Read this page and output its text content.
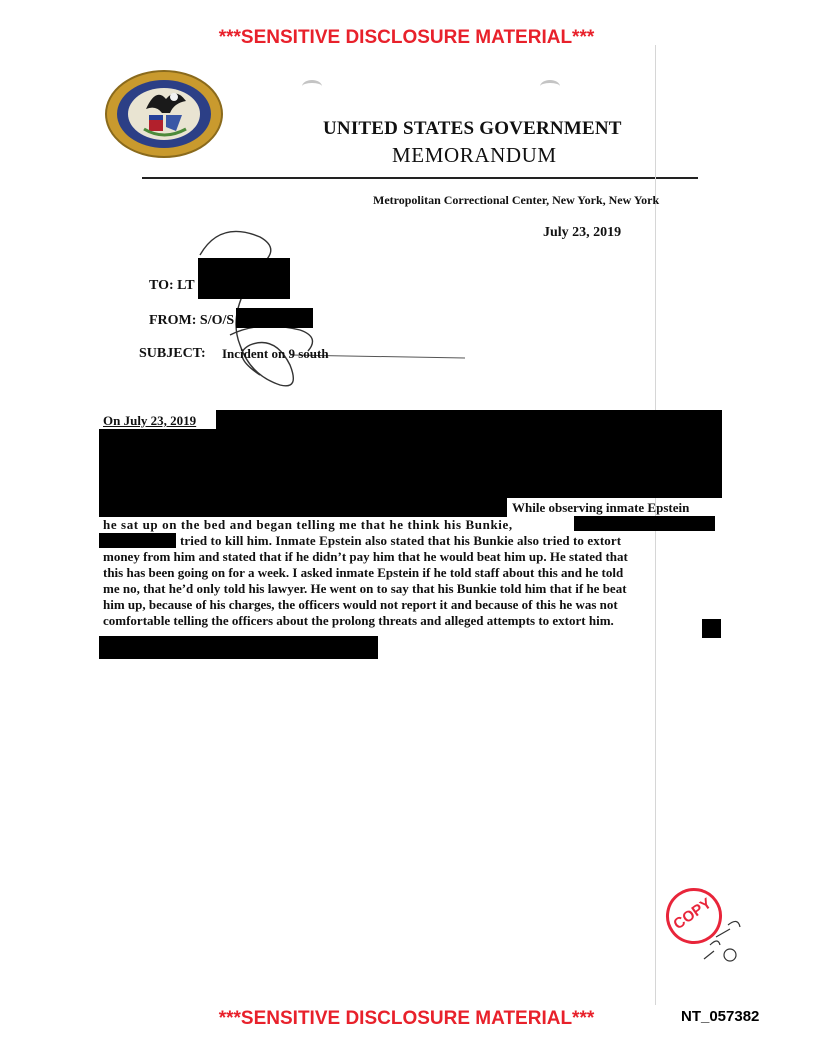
***SENSITIVE DISCLOSURE MATERIAL***
UNITED STATES GOVERNMENT
MEMORANDUM
Metropolitan Correctional Center, New York, New York
July 23, 2019
TO: LT
FROM: S/O/S
SUBJECT: Incident on 9 south
On July 23, 2019
While observing inmate Epstein
he sat up on the bed and began telling me that he think his Bunkie,
tried to kill him. Inmate Epstein also stated that his Bunkie also tried to extort
money from him and stated that if he didn’t pay him that he would beat him up. He stated that
this has been going on for a week. I asked inmate Epstein if he told staff about this and he told
me no, that he’d only told his lawyer. He went on to say that his Bunkie told him that if he beat
him up, because of his charges, the officers would not report it and because of this he was not
comfortable telling the officers about the prolong threats and alleged attempts to extort him.
COPY
***SENSITIVE DISCLOSURE MATERIAL***	NT_057382
